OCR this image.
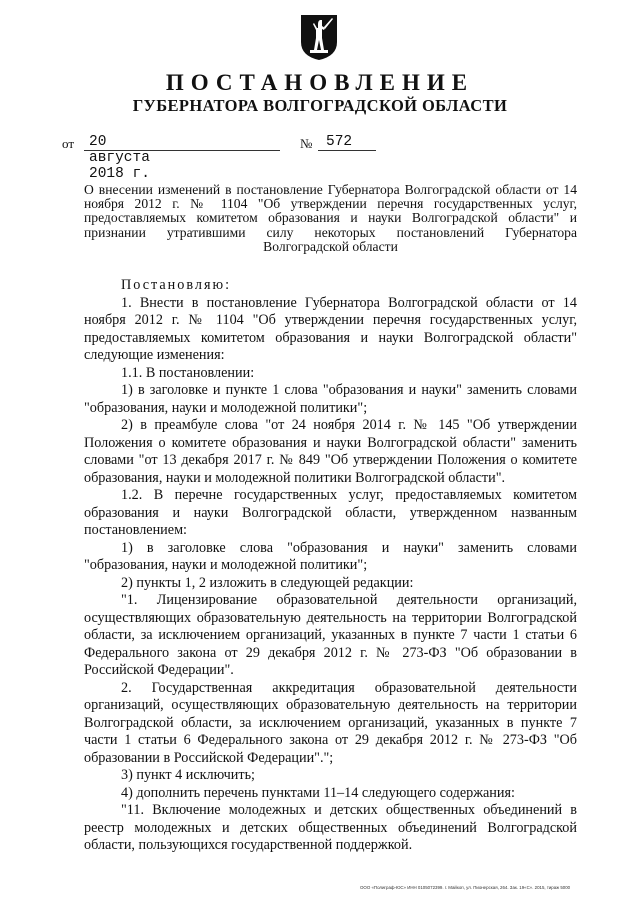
ПОСТАНОВЛЕНИЕ
ГУБЕРНАТОРА ВОЛГОГРАДСКОЙ ОБЛАСТИ
от 20 августа 2018 г.
№ 572
О внесении изменений в постановление Губернатора Волгоградской области от 14 ноября 2012 г. № 1104 "Об утверждении перечня государственных услуг, предоставляемых комитетом образования и науки Волгоградской области" и признании утратившими силу некоторых постановлений Губернатора Волгоградской области

Постановляю:

1. Внести в постановление Губернатора Волгоградской области от 14 ноября 2012 г. № 1104 "Об утверждении перечня государственных услуг, предоставляемых комитетом образования и науки Волгоградской области" следующие изменения:

1.1. В постановлении:

1) в заголовке и пункте 1 слова "образования и науки" заменить словами "образования, науки и молодежной политики";

2) в преамбуле слова "от 24 ноября 2014 г. № 145 "Об утверждении Положения о комитете образования и науки Волгоградской области" заменить словами "от 13 декабря 2017 г. № 849 "Об утверждении Положения о комитете образования, науки и молодежной политики Волгоградской области".

1.2. В перечне государственных услуг, предоставляемых комитетом образования и науки Волгоградской области, утвержденном названным постановлением:

1) в заголовке слова "образования и науки" заменить словами "образования, науки и молодежной политики";

2) пункты 1, 2 изложить в следующей редакции:

"1. Лицензирование образовательной деятельности организаций, осуществляющих образовательную деятельность на территории Волгоградской области, за исключением организаций, указанных в пункте 7 части 1 статьи 6 Федерального закона от 29 декабря 2012 г. № 273-ФЗ "Об образовании в Российской Федерации".

2. Государственная аккредитация образовательной деятельности организаций, осуществляющих образовательную деятельность на территории Волгоградской области, за исключением организаций, указанных в пункте 7 части 1 статьи 6 Федерального закона от 29 декабря 2012 г. № 273-ФЗ "Об образовании в Российской Федерации".";

3) пункт 4 исключить;

4) дополнить перечень пунктами 11–14 следующего содержания:

"11. Включение молодежных и детских общественных объединений в реестр молодежных и детских общественных объединений Волгоградской области, пользующихся государственной поддержкой.

ООО «Полиграф-ЮС» ИНН 0105072399. г. Майкоп, ул. Пионерская, 264. Зак. 19«С». 2015, тираж 5000
